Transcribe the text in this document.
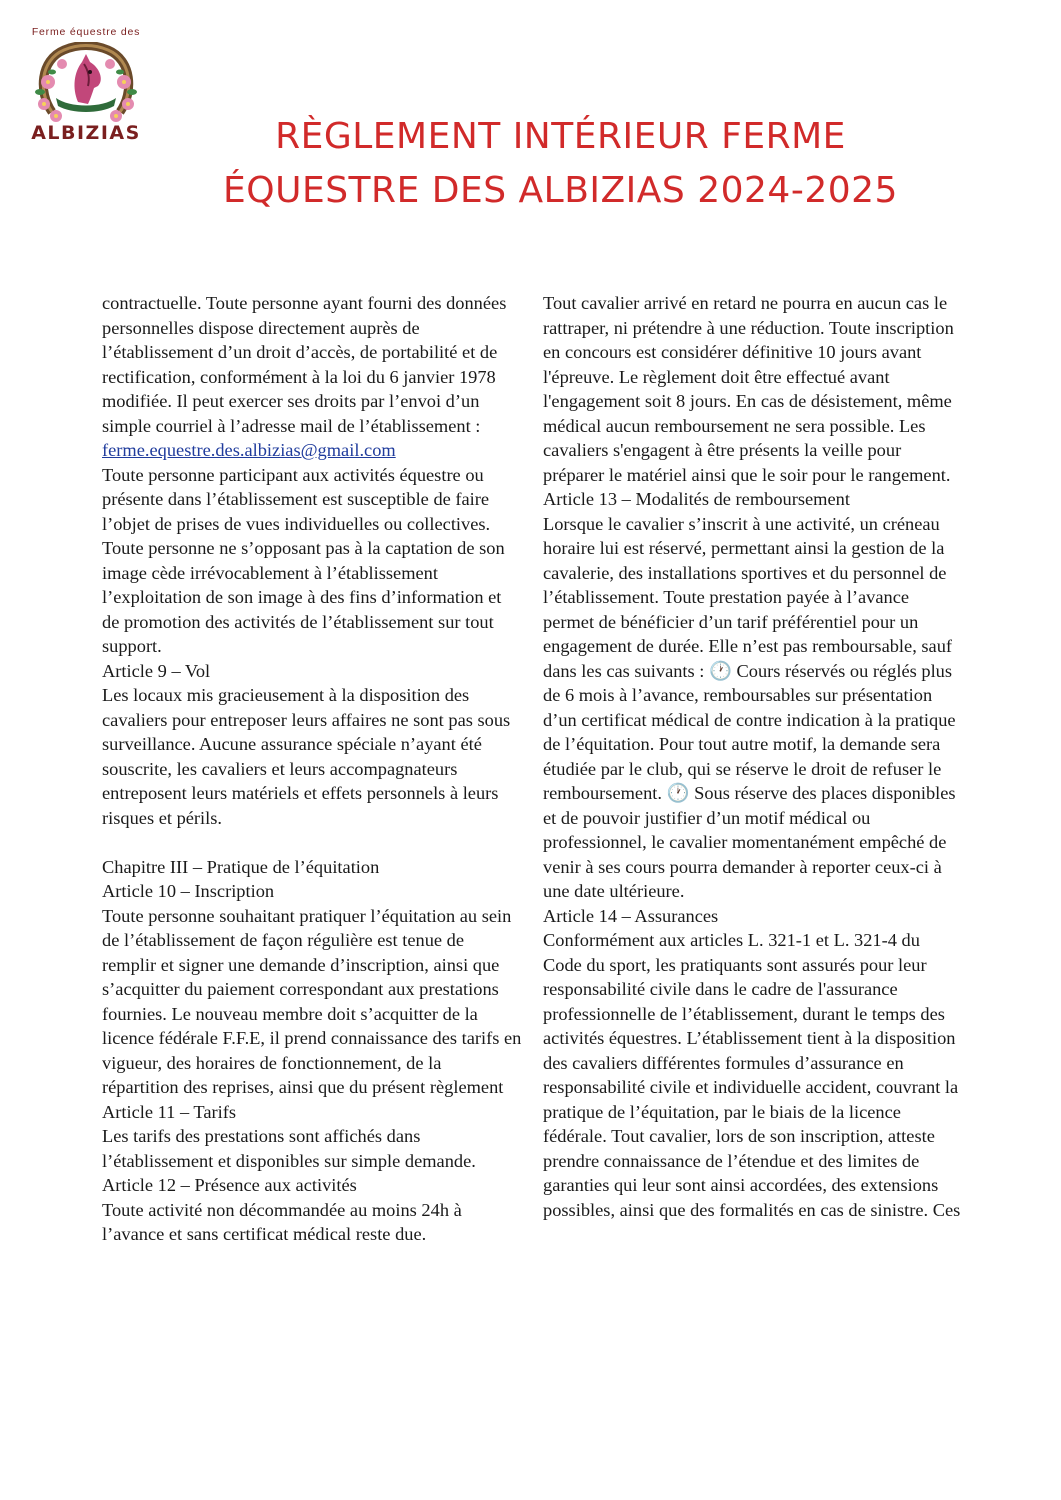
Ferme équestre des
ALBIZIAS	RÈGLEMENT INTÉRIEUR FERME
ÉQUESTRE DES ALBIZIAS 2024-2025

contractuelle. Toute personne ayant fourni des données personnelles dispose directement auprès de l’établissement d’un droit d’accès, de portabilité et de rectification, conformément à la loi du 6 janvier 1978 modifiée. Il peut exercer ses droits par l’envoi d’un simple courriel à l’adresse mail de l’établissement : ferme.equestre.des.albizias@gmail.com

Toute personne participant aux activités équestre ou présente dans l’établissement est susceptible de faire l’objet de prises de vues individuelles ou collectives. Toute personne ne s’opposant pas à la captation de son image cède irrévocablement à l’établissement l’exploitation de son image à des fins d’information et de promotion des activités de l’établissement sur tout support.

Article 9 – Vol

Les locaux mis gracieusement à la disposition des cavaliers pour entreposer leurs affaires ne sont pas sous surveillance. Aucune assurance spéciale n’ayant été souscrite, les cavaliers et leurs accompagnateurs entreposent leurs matériels et effets personnels à leurs risques et périls.

Chapitre III – Pratique de l’équitation

Article 10 – Inscription

Toute personne souhaitant pratiquer l’équitation au sein de l’établissement de façon régulière est tenue de remplir et signer une demande d’inscription, ainsi que s’acquitter du paiement correspondant aux prestations fournies. Le nouveau membre doit s’acquitter de la licence fédérale F.F.E, il prend connaissance des tarifs en vigueur, des horaires de fonctionnement, de la répartition des reprises, ainsi que du présent règlement

Article 11 – Tarifs

Les tarifs des prestations sont affichés dans l’établissement et disponibles sur simple demande.

Article 12 – Présence aux activités

Toute activité non décommandée au moins 24h à l’avance et sans certificat médical reste due.

Tout cavalier arrivé en retard ne pourra en aucun cas le rattraper, ni prétendre à une réduction. Toute inscription en concours est considérer définitive 10 jours avant l'épreuve. Le règlement doit être effectué avant l'engagement soit 8 jours. En cas de désistement, même médical aucun remboursement ne sera possible. Les cavaliers s'engagent à être présents la veille pour préparer le matériel ainsi que le soir pour le rangement.

Article 13 – Modalités de remboursement

Lorsque le cavalier s’inscrit à une activité, un créneau horaire lui est réservé, permettant ainsi la gestion de la cavalerie, des installations sportives et du personnel de l’établissement. Toute prestation payée à l’avance permet de bénéficier d’un tarif préférentiel pour un engagement de durée. Elle n’est pas remboursable, sauf dans les cas suivants : 🕐 Cours réservés ou réglés plus de 6 mois à l’avance, remboursables sur présentation d’un certificat médical de contre indication à la pratique de l’équitation. Pour tout autre motif, la demande sera étudiée par le club, qui se réserve le droit de refuser le remboursement. 🕐 Sous réserve des places disponibles et de pouvoir justifier d’un motif médical ou professionnel, le cavalier momentanément empêché de venir à ses cours pourra demander à reporter ceux-ci à une date ultérieure.

Article 14 – Assurances

Conformément aux articles L. 321-1 et L. 321-4 du Code du sport, les pratiquants sont assurés pour leur responsabilité civile dans le cadre de l'assurance professionnelle de l’établissement, durant le temps des activités équestres. L’établissement tient à la disposition des cavaliers différentes formules d’assurance en responsabilité civile et individuelle accident, couvrant la pratique de l’équitation, par le biais de la licence fédérale. Tout cavalier, lors de son inscription, atteste prendre connaissance de l’étendue et des limites de garanties qui leur sont ainsi accordées, des extensions possibles, ainsi que des formalités en cas de sinistre. Ces
